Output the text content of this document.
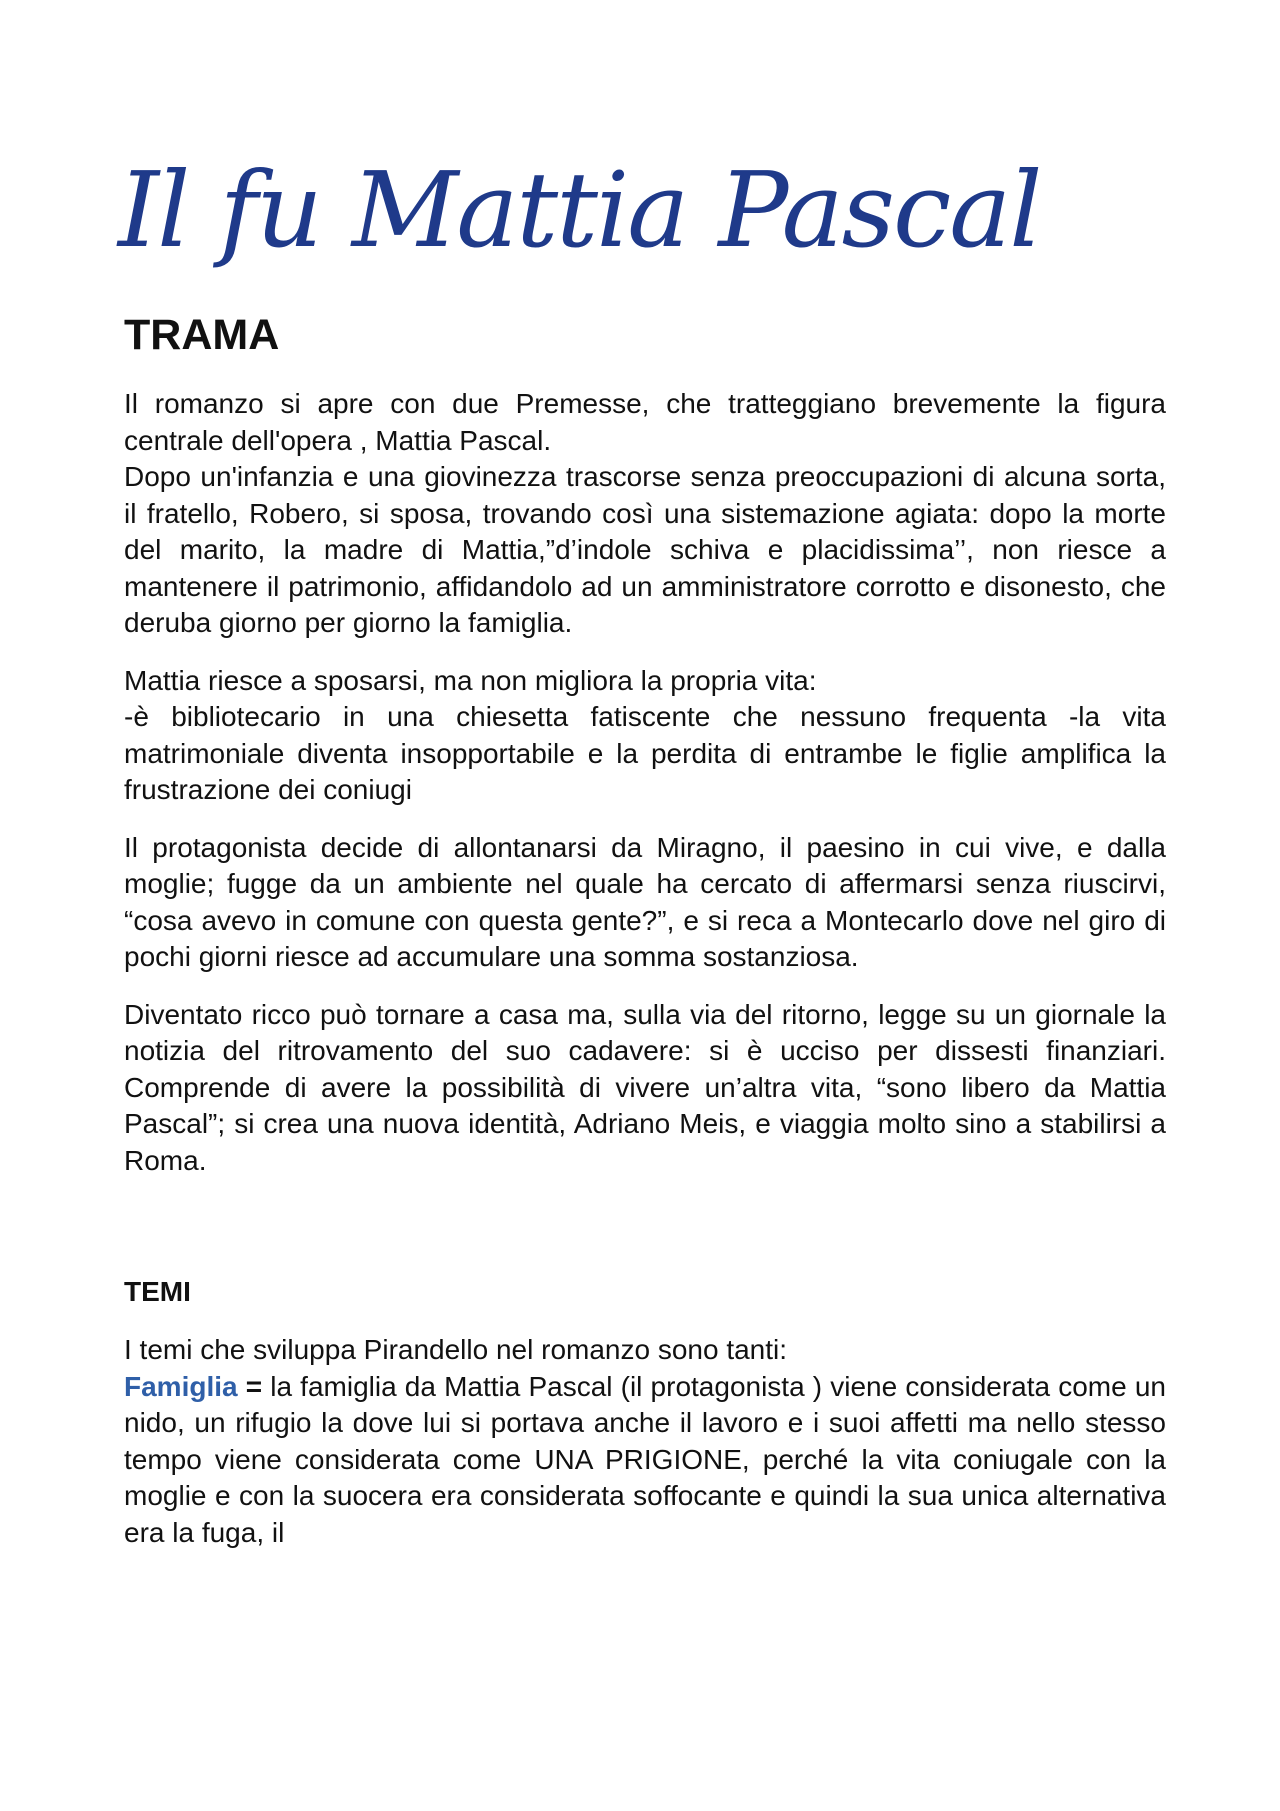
Il fu Mattia Pascal
TRAMA

Il romanzo si apre con due Premesse, che tratteggiano brevemente la figura centrale dell'opera , Mattia Pascal.

Dopo un'infanzia e una giovinezza trascorse senza preoccupazioni di alcuna sorta, il fratello, Robero, si sposa, trovando così una sistemazione agiata: dopo la morte del marito, la madre di Mattia,”d’indole schiva e placidissima’’, non riesce a mantenere il patrimonio, affidandolo ad un amministratore corrotto e disonesto, che deruba giorno per giorno la famiglia.

Mattia riesce a sposarsi, ma non migliora la propria vita:

-è bibliotecario in una chiesetta fatiscente che nessuno frequenta -la vita matrimoniale diventa insopportabile e la perdita di entrambe le figlie amplifica la frustrazione dei coniugi

Il protagonista decide di allontanarsi da Miragno, il paesino in cui vive, e dalla moglie; fugge da un ambiente nel quale ha cercato di affermarsi senza riuscirvi, “cosa avevo in comune con questa gente?”, e si reca a Montecarlo dove nel giro di pochi giorni riesce ad accumulare una somma sostanziosa.

Diventato ricco può tornare a casa ma, sulla via del ritorno, legge su un giornale la notizia del ritrovamento del suo cadavere: si è ucciso per dissesti finanziari. Comprende di avere la possibilità di vivere un’altra vita, “sono libero da Mattia Pascal”; si crea una nuova identità, Adriano Meis, e viaggia molto sino a stabilirsi a Roma.

TEMI

I temi che sviluppa Pirandello nel romanzo sono tanti:

Famiglia = la famiglia da Mattia Pascal (il protagonista ) viene considerata come un nido, un rifugio la dove lui si portava anche il lavoro e i suoi affetti ma nello stesso tempo viene considerata come UNA PRIGIONE, perché la vita coniugale con la moglie e con la suocera era considerata soffocante e quindi la sua unica alternativa era la fuga, il
